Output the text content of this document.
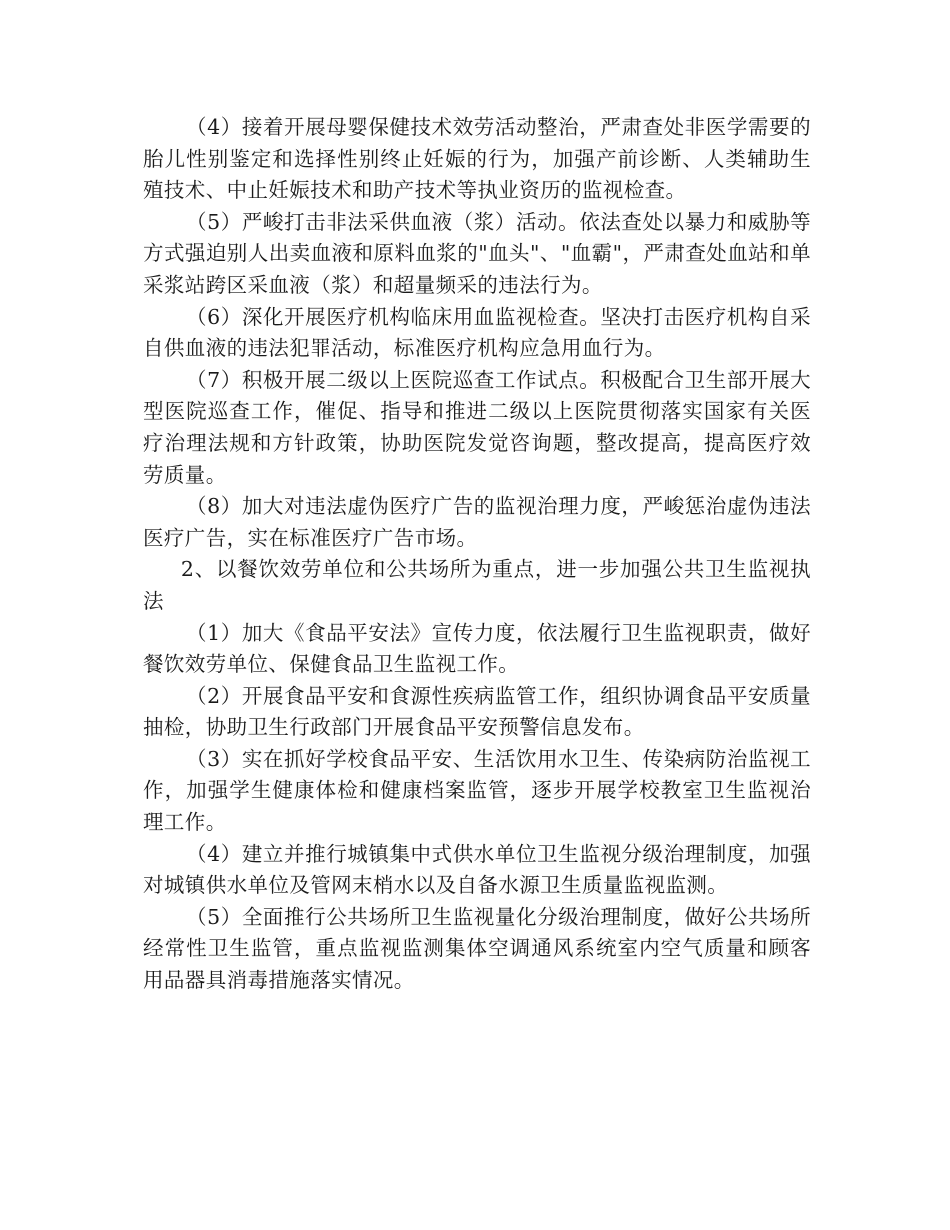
（4）接着开展母婴保健技术效劳活动整治，严肃查处非医学需要的胎儿性别鉴定和选择性别终止妊娠的行为，加强产前诊断、人类辅助生殖技术、中止妊娠技术和助产技术等执业资历的监视检查。

（5）严峻打击非法采供血液（浆）活动。依法查处以暴力和威胁等方式强迫别人出卖血液和原料血浆的"血头"、"血霸"，严肃查处血站和单采浆站跨区采血液（浆）和超量频采的违法行为。

（6）深化开展医疗机构临床用血监视检查。坚决打击医疗机构自采自供血液的违法犯罪活动，标准医疗机构应急用血行为。

（7）积极开展二级以上医院巡查工作试点。积极配合卫生部开展大型医院巡查工作，催促、指导和推进二级以上医院贯彻落实国家有关医疗治理法规和方针政策，协助医院发觉咨询题，整改提高，提高医疗效劳质量。

（8）加大对违法虚伪医疗广告的监视治理力度，严峻惩治虚伪违法医疗广告，实在标准医疗广告市场。

2、以餐饮效劳单位和公共场所为重点，进一步加强公共卫生监视执法

（1）加大《食品平安法》宣传力度，依法履行卫生监视职责，做好餐饮效劳单位、保健食品卫生监视工作。

（2）开展食品平安和食源性疾病监管工作，组织协调食品平安质量抽检，协助卫生行政部门开展食品平安预警信息发布。

（3）实在抓好学校食品平安、生活饮用水卫生、传染病防治监视工作，加强学生健康体检和健康档案监管，逐步开展学校教室卫生监视治理工作。

（4）建立并推行城镇集中式供水单位卫生监视分级治理制度，加强对城镇供水单位及管网末梢水以及自备水源卫生质量监视监测。

（5）全面推行公共场所卫生监视量化分级治理制度，做好公共场所经常性卫生监管，重点监视监测集体空调通风系统室内空气质量和顾客用品器具消毒措施落实情况。
